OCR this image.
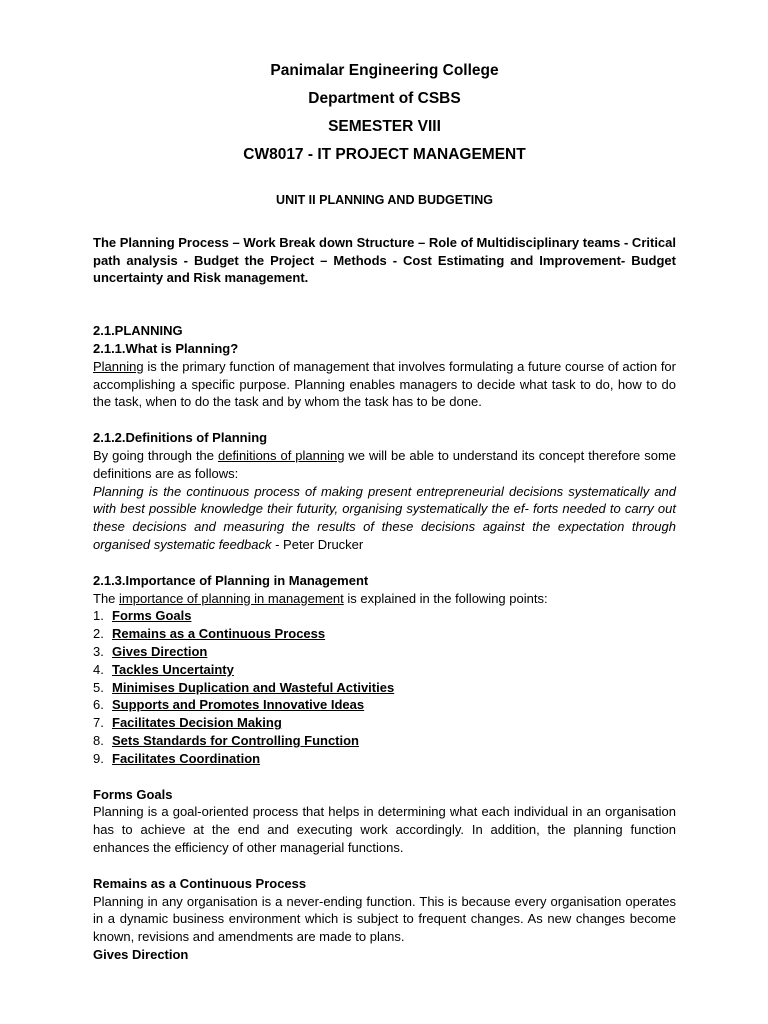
Panimalar Engineering College
Department of CSBS
SEMESTER VIII
CW8017 - IT PROJECT MANAGEMENT
UNIT II PLANNING AND BUDGETING

The Planning Process – Work Break down Structure – Role of Multidisciplinary teams - Critical path analysis - Budget the Project – Methods - Cost Estimating and Improvement- Budget uncertainty and Risk management.

2.1.PLANNING
2.1.1.What is Planning?

Planning is the primary function of management that involves formulating a future course of action for accomplishing a specific purpose. Planning enables managers to decide what task to do, how to do the task, when to do the task and by whom the task has to be done.

2.1.2.Definitions of Planning

By going through the definitions of planning we will be able to understand its concept therefore some definitions are as follows:

Planning is the continuous process of making present entrepreneurial decisions systematically and with best possible knowledge their futurity, organising systematically the ef- forts needed to carry out these decisions and measuring the results of these decisions against the expectation through organised systematic feedback - Peter Drucker

2.1.3.Importance of Planning in Management

The importance of planning in management is explained in the following points:

1. Forms Goals
2. Remains as a Continuous Process
3. Gives Direction
4. Tackles Uncertainty
5. Minimises Duplication and Wasteful Activities
6. Supports and Promotes Innovative Ideas
7. Facilitates Decision Making
8. Sets Standards for Controlling Function
9. Facilitates Coordination
Forms Goals

Planning is a goal-oriented process that helps in determining what each individual in an organisation has to achieve at the end and executing work accordingly. In addition, the planning function enhances the efficiency of other managerial functions.

Remains as a Continuous Process

Planning in any organisation is a never-ending function. This is because every organisation operates in a dynamic business environment which is subject to frequent changes. As new changes become known, revisions and amendments are made to plans.

Gives Direction
